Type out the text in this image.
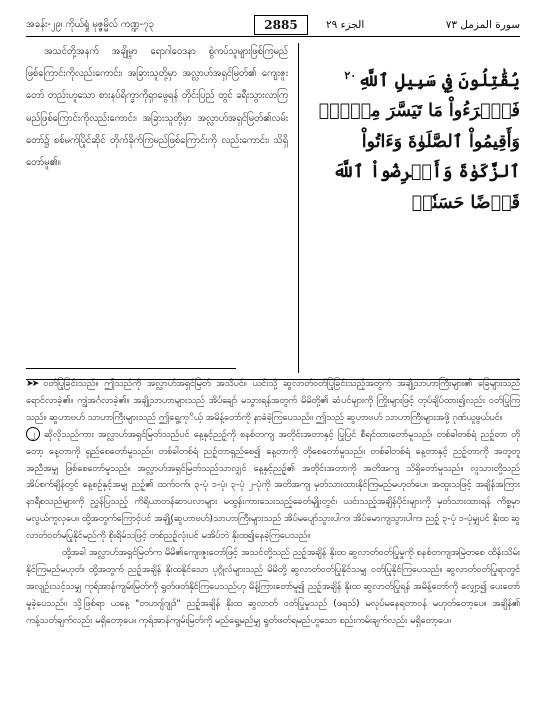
အခန်း-၂၉၊ ကိုယ်ရှုံ မုဇ္ဇမ္မိလ် ကဏ္ဍ-၇၃	2885	الجزء ٢٩	سورة المزمل ٧٣

အသင်တို့အနက် အချို့မှာ ရောဂါဝေဒနာ စွဲကပ်သူများဖြစ်ကြမည်ဖြစ်ကြောင်းကိုလည်းကောင်း၊ အခြားသူတို့မှာ အလ္လာဟ်အရှင်မြတ်၏ ကျေးဇူးတော် တည်းဟူသော စားနပ်ရိက္ခာကိုရှာဖွေရန် တိုင်းပြည် တွင် ခရီးသွားလာကြမည်ဖြစ်ကြောင်းကိုလည်းကောင်း၊ အခြားသူတို့မှာ အလ္လာဟ်အရှင်မြတ်၏လမ်းတော်၌ စစ်မက်ပြိုင်ဆိုင် တိုက်ခိုက်ကြမည်ဖြစ်ကြောင်းကို လည်းကောင်း၊ သိရှိတော်မူ၏။

يُقَٰتِلُونَ فِي سَبِيلِ ٱللَّهِ٢٠
فَٱقۡرَءُواْ مَا تَيَسَّرَ مِنۡهُۚ
وَأَقِيمُواْ ٱلصَّلَوٰةَ وَءَاتُواْ
ٱلزَّكَوٰةَ وَأَقۡرِضُواْ ٱللَّهَ
قَرۡضًا حَسَنٗاۚ

➤➤ ဝတ်ပြုခြင်းသည်။ ဤသည်ကို အလ္လာဟ်အရှင်မြတ် အသိပင်။ ယင်းသို့ ဆွလာတ်ဝတ်ပြုခြင်းသည့်အတွက် အချို့သာဟာကြီးများ၏ ခြေများသည် ရောင်လာခဲ့၏။ ကျွဲအင်္ဂလာခဲ့၏။ အချို့သာဟာများသည် အိပ်ချော် မသွားရန်အတွက် မိမိတို့၏ ဆံပင်များကို ကြိုးများဖြင့် တုပ်ချိပ်ထား၍လည်း ဝတ်ပြုကြသည်။ ဆွဟာဗဟ် သာဟာကြီးများသည် ဤရွေ့ကုိယ့် အမိန့်တော်ကို နာခံခဲ့ကြပေသည်။ ဤသည် ဆွဟာဗဟ် သာဟာကြီးများအဖို့ ဂုဏ်ယူဖွယ်ပင်။

၂ ဆိုလိုသည်ကား အလ္လာဟ်အရှင်မြတ်သည်ပင် နေ့နှင့်ညဉ့်ကို စနစ်တကျ အတိုင်းအတာနှင့် ပြုပြင် စီရင်ထားတော်မူသည်၊ တစ်ခါတစ်ရံ ညဉ့်တာ တိုတော့ နေ့တာကို ရှည်စေတော်မူသည်။ တစ်ခါတစ်ရံ ညဉ့်တာရှည်စေ၍ နေ့တာကို တိုစေတော်မူသည်။ တစ်ခါတစ်ရံ နေ့တာနှင့် ညဉ့်တာကို အတူတူ အညီအမျှ ဖြစ်စေတော်မူသည်။ အလ္လာဟ်အရှင်မြတ်သည်သာလျှင် နေ့နှင့်ညဉ့်၏ အတိုင်းအတာကို အတိအကျ သိရှိတော်မူသည်။ လူသားတို့သည် အိပ်စက်ချိန်တွင် နေ့စဉ်နှင့်အမျှ ညဉ့်၏ ထက်ဝက်၊ ၃-ပုံ ၁-ပုံ၊ ၃-ပုံ ၂-ပုံကို အတိအကျ မှတ်သားထားနိုင်ကြမည်မဟုတ်ပေ။ အထူးသဖြင့် အချိန်အကြား နာရီစသည်များကို ညွှန်ပြသည့် ကိရိယာတန်ဆာပလာများ မထွန်းကားသေးသည့်ခေတ်မျိုးတွင်၊ ယင်းသည့်အချိန်ပိုင်းများကို မှတ်သားထားရန် ကိစ္စမှာ မလွယ်ကူလှပေ။ ထို့အတွက်ကြောင့်ပင် အချို့(ဆွဟာဗဟ်)သာဟာကြီးများသည် အိပ်မပျော်သွားပါက၊ အိပ်မောကျသွားပါက၊ ညဉ့် ၃-ပုံ ၁-ပုံမျှပင် နိုးထ ဆွလာတ်ဝတ်မပြုနိုင်မည်ကို စိုးရိမ်သဖြင့် တစ်ညဉ့်လုံးပင် မအိပ်ဘဲ နိုးထ၍နေခဲ့ကြပေသည်။

ထို့အခါ အလ္လာဟ်အရှင်မြတ်က မိမိ၏ကျေးဇူးတော်ဖြင့် အသင်တို့သည် ညဉ့်အချိန် နိုးထ ဆွလာတ်ဝတ်ပြုမှုကို စနစ်တကျအမြဲတစေ ထိန်းသိမ်းနိုင်ကြမည်မဟုတ်၊ ထို့အတွက် ညဉ့်အချိန် နိုးထနိုင်သော ပုဂ္ဂိုလ်များသည် မိမိတို့ ဆွလာတ်ဝတ်ပြုနိုင်သမျှ ဝတ်ပြုနိုင်ကြပေသည်။ ဆွလာတ်ဝတ်ပြုရာတွင် အလျဉ်းသင့်သမျှ ကုရ်အာန်ကျမ်းမြတ်ကို ရွတ်ဖတ်နိုင်ကြပေသည်ဟု မိန့်ကြားတော်မူ၍ ညဉ့်အချိန် နိုးထ ဆွလာတ်ပြုရန် အမိန့်တော်ကို လျှော့၍ ပေးတော်မူခဲ့ပေသည်။ သို့ဖြစ်ရာ ယနေ့ "တဟဂျ်ဂျုဒ်" ညဉ့်အချိန် နိုးထ ဆွလာတ် ဝတ်ပြုမှုသည် (ဖရသ်) မလုပ်မနေရတာဝန် မဟုတ်တော့ပေ။ အချိန်၏ ကန့်သတ်ချက်လည်း မရှိတော့ပေ။ ကုရ်အာန်ကျမ်းမြတ်ကို မည်ရွေ့မည်မျှ ရွတ်ဖတ်ရမည်ဟူသော စည်းကမ်းချက်လည်း မရှိတော့ပေ။
